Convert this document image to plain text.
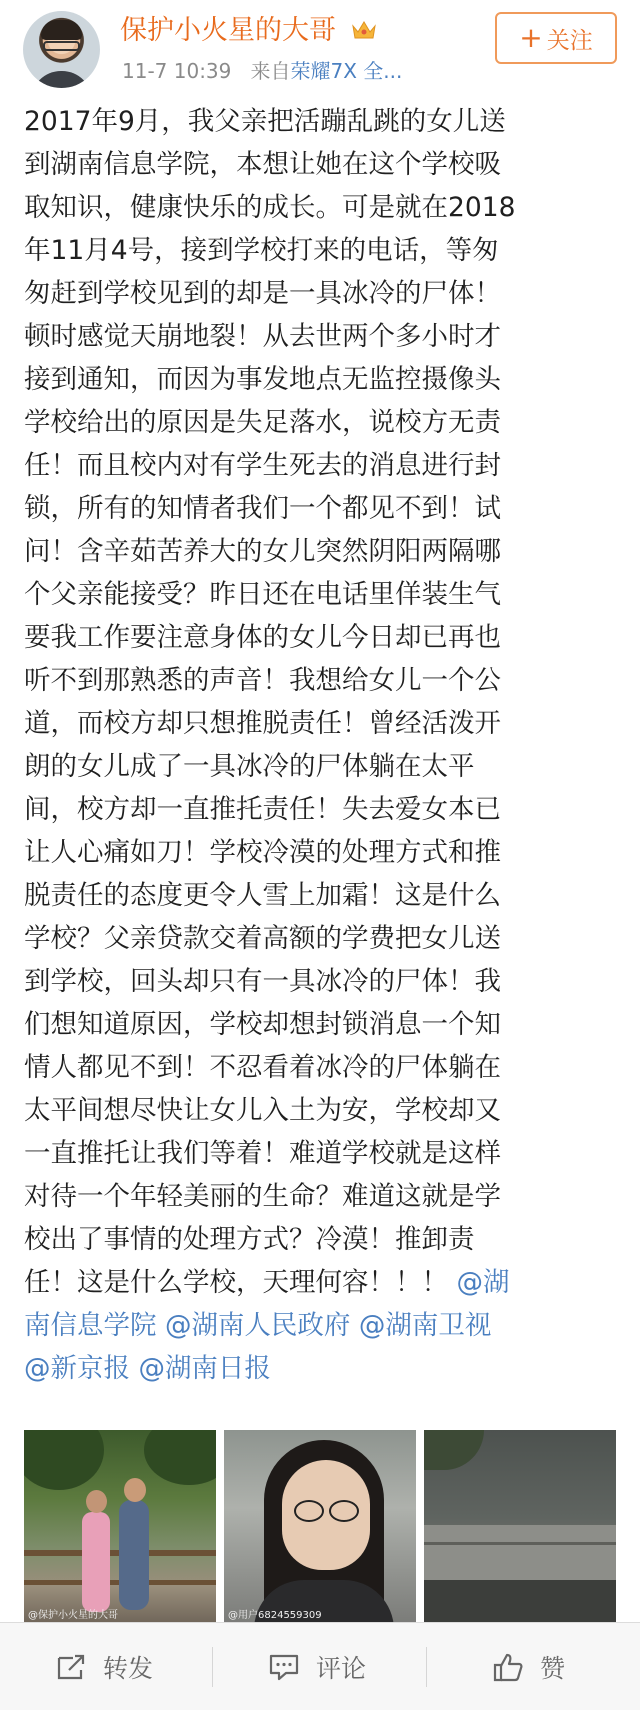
保护小火星的大哥
11-7 10:39 来自荣耀7X 全...
+ 关注
2017年9月，我父亲把活蹦乱跳的女儿送
到湖南信息学院，本想让她在这个学校吸
取知识，健康快乐的成长。可是就在2018
年11月4号，接到学校打来的电话，等匆
匆赶到学校见到的却是一具冰冷的尸体！
顿时感觉天崩地裂！从去世两个多小时才
接到通知，而因为事发地点无监控摄像头
学校给出的原因是失足落水，说校方无责
任！而且校内对有学生死去的消息进行封
锁，所有的知情者我们一个都见不到！试
问！含辛茹苦养大的女儿突然阴阳两隔哪
个父亲能接受？昨日还在电话里佯装生气
要我工作要注意身体的女儿今日却已再也
听不到那熟悉的声音！我想给女儿一个公
道，而校方却只想推脱责任！曾经活泼开
朗的女儿成了一具冰冷的尸体躺在太平
间，校方却一直推托责任！失去爱女本已
让人心痛如刀！学校冷漠的处理方式和推
脱责任的态度更令人雪上加霜！这是什么
学校？父亲贷款交着高额的学费把女儿送
到学校，回头却只有一具冰冷的尸体！我
们想知道原因，学校却想封锁消息一个知
情人都见不到！不忍看着冰冷的尸体躺在
太平间想尽快让女儿入土为安，学校却又
一直推托让我们等着！难道学校就是这样
对待一个年轻美丽的生命？难道这就是学
校出了事情的处理方式？冷漠！推卸责
任！这是什么学校，天理何容！！！ @湖
南信息学院 @湖南人民政府 @湖南卫视
@新京报 @湖南日报
@保护小火星的大哥	@用户6824559309
转发	评论	赞
